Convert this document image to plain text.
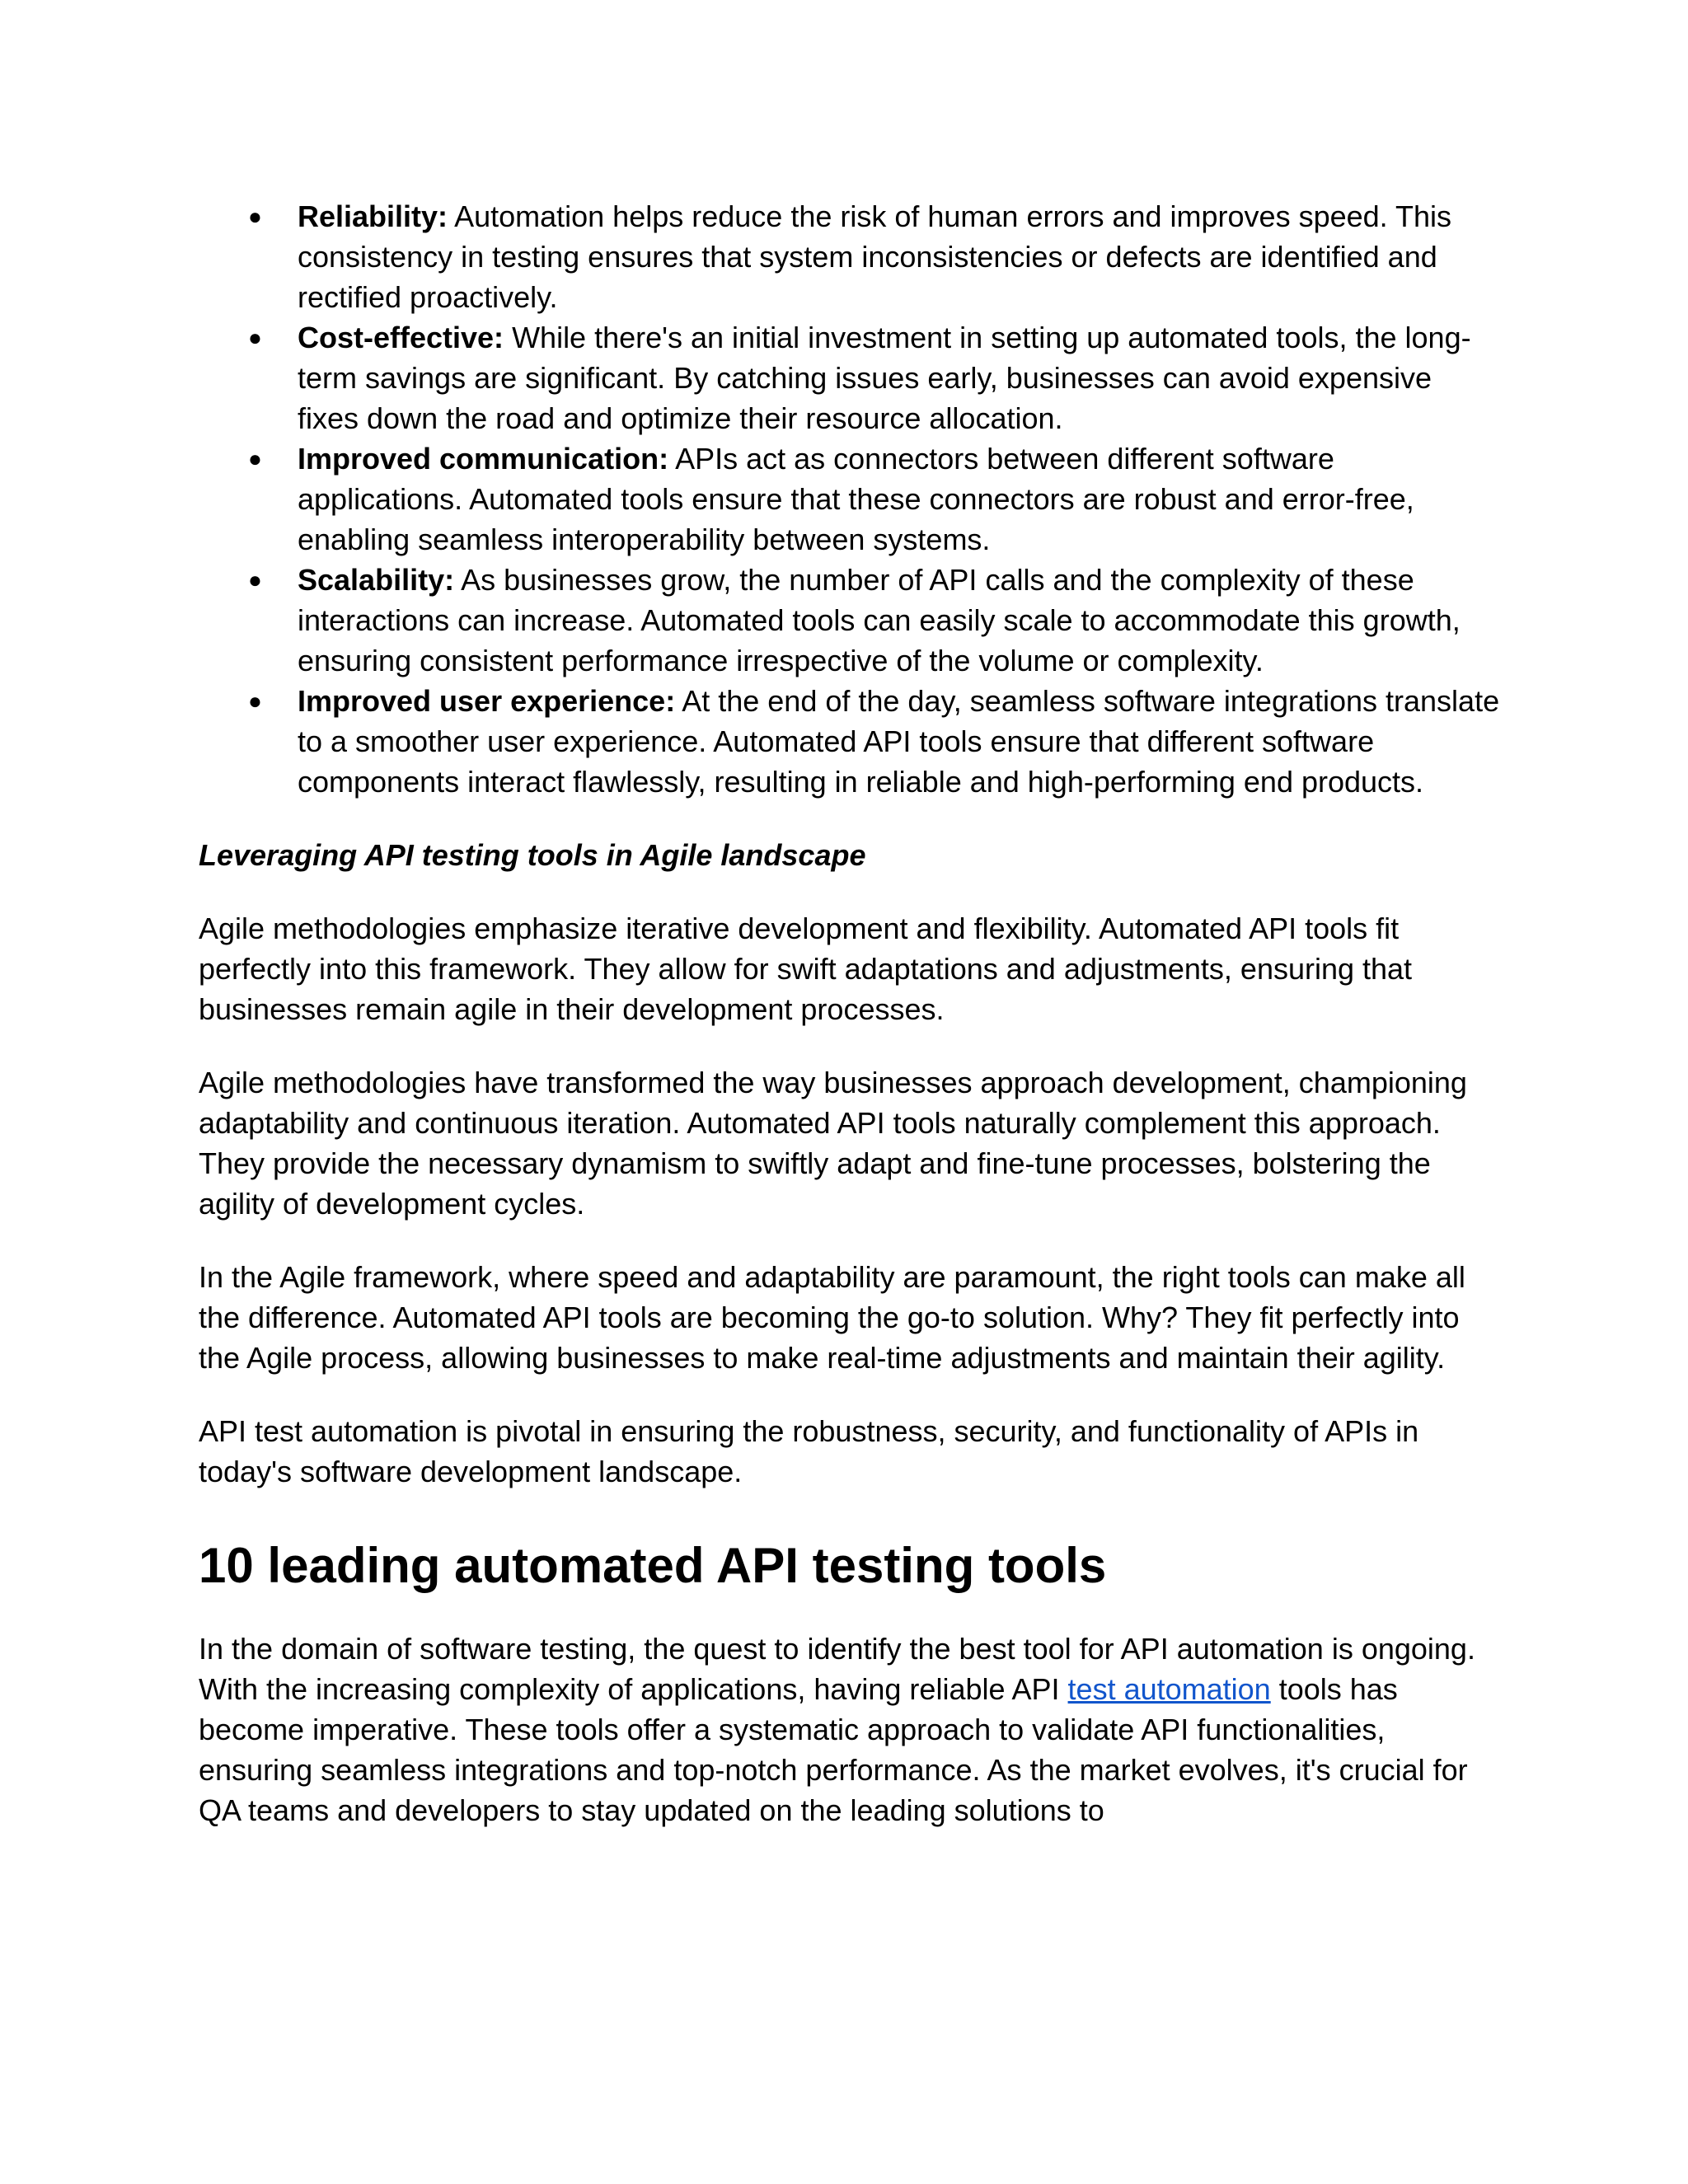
● Reliability: Automation helps reduce the risk of human errors and improves speed. This consistency in testing ensures that system inconsistencies or defects are identified and rectified proactively.
● Cost-effective: While there's an initial investment in setting up automated tools, the long-term savings are significant. By catching issues early, businesses can avoid expensive fixes down the road and optimize their resource allocation.
● Improved communication: APIs act as connectors between different software applications. Automated tools ensure that these connectors are robust and error-free, enabling seamless interoperability between systems.
● Scalability: As businesses grow, the number of API calls and the complexity of these interactions can increase. Automated tools can easily scale to accommodate this growth, ensuring consistent performance irrespective of the volume or complexity.
● Improved user experience: At the end of the day, seamless software integrations translate to a smoother user experience. Automated API tools ensure that different software components interact flawlessly, resulting in reliable and high-performing end products.

Leveraging API testing tools in Agile landscape

Agile methodologies emphasize iterative development and flexibility. Automated API tools fit perfectly into this framework. They allow for swift adaptations and adjustments, ensuring that businesses remain agile in their development processes.

Agile methodologies have transformed the way businesses approach development, championing adaptability and continuous iteration. Automated API tools naturally complement this approach. They provide the necessary dynamism to swiftly adapt and fine-tune processes, bolstering the agility of development cycles.

In the Agile framework, where speed and adaptability are paramount, the right tools can make all the difference. Automated API tools are becoming the go-to solution. Why? They fit perfectly into the Agile process, allowing businesses to make real-time adjustments and maintain their agility.

API test automation is pivotal in ensuring the robustness, security, and functionality of APIs in today's software development landscape.

10 leading automated API testing tools

In the domain of software testing, the quest to identify the best tool for API automation is ongoing. With the increasing complexity of applications, having reliable API test automation tools has become imperative. These tools offer a systematic approach to validate API functionalities, ensuring seamless integrations and top-notch performance. As the market evolves, it's crucial for QA teams and developers to stay updated on the leading solutions to
